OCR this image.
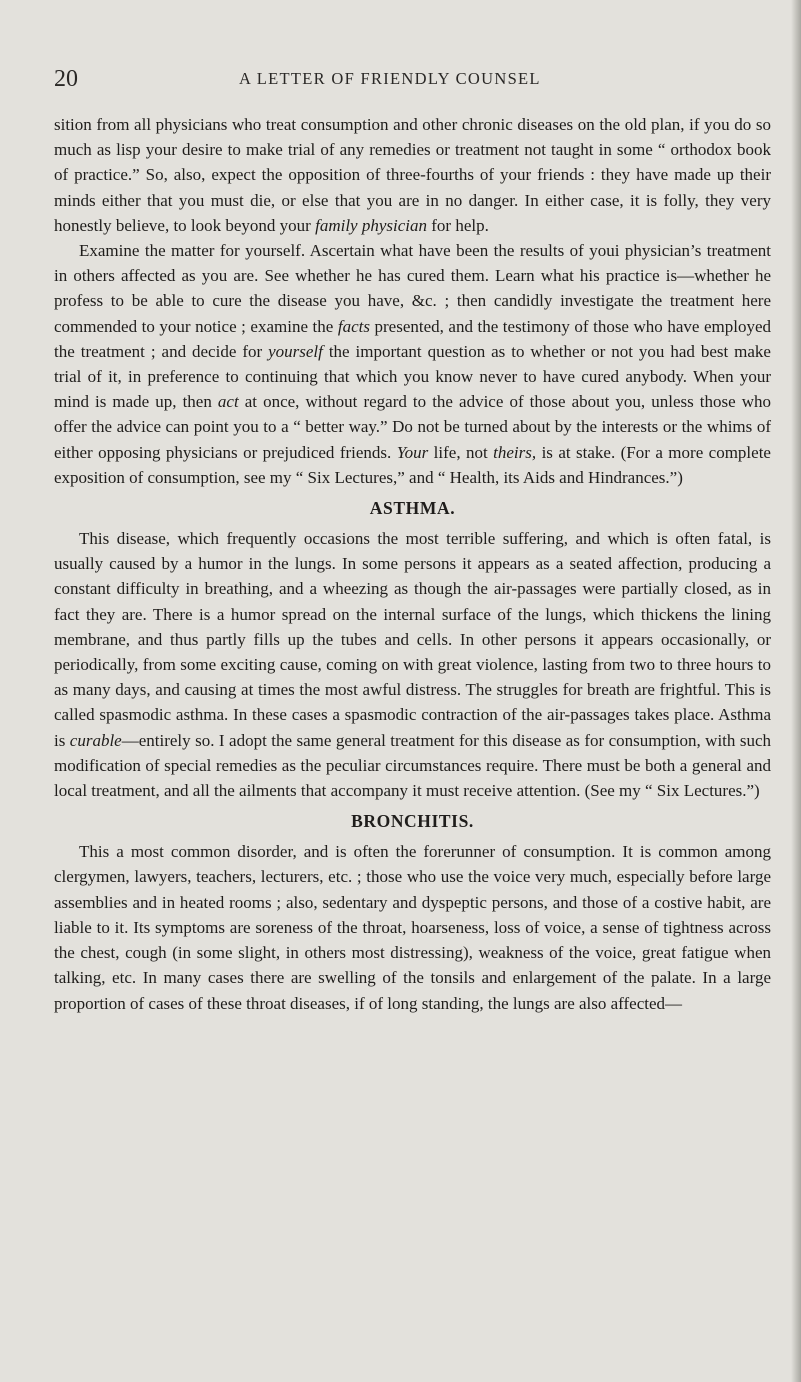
20	A LETTER OF FRIENDLY COUNSEL

sition from all physicians who treat consumption and other chronic diseases on the old plan, if you do so much as lisp your desire to make trial of any remedies or treatment not taught in some “ orthodox book of practice.” So, also, expect the opposition of three-fourths of your friends : they have made up their minds either that you must die, or else that you are in no danger. In either case, it is folly, they very honestly believe, to look beyond your family physician for help.

Examine the matter for yourself. Ascertain what have been the results of youi physician’s treatment in others affected as you are. See whether he has cured them. Learn what his practice is—whether he profess to be able to cure the disease you have, &c. ; then candidly investigate the treatment here commended to your notice ; examine the facts presented, and the testimony of those who have employed the treatment ; and decide for yourself the important question as to whether or not you had best make trial of it, in preference to continuing that which you know never to have cured anybody. When your mind is made up, then act at once, without regard to the advice of those about you, unless those who offer the advice can point you to a “ better way.” Do not be turned about by the interests or the whims of either opposing physicians or prejudiced friends. Your life, not theirs, is at stake. (For a more complete exposition of consumption, see my “ Six Lectures,” and “ Health, its Aids and Hindrances.”)

ASTHMA.

This disease, which frequently occasions the most terrible suffering, and which is often fatal, is usually caused by a humor in the lungs. In some persons it appears as a seated affection, producing a constant difficulty in breathing, and a wheezing as though the air-passages were partially closed, as in fact they are. There is a humor spread on the internal surface of the lungs, which thickens the lining membrane, and thus partly fills up the tubes and cells. In other persons it appears occasionally, or periodically, from some exciting cause, coming on with great violence, lasting from two to three hours to as many days, and causing at times the most awful distress. The struggles for breath are frightful. This is called spasmodic asthma. In these cases a spasmodic contraction of the air-passages takes place. Asthma is curable—entirely so. I adopt the same general treatment for this disease as for consumption, with such modification of special remedies as the peculiar circumstances require. There must be both a general and local treatment, and all the ailments that accompany it must receive attention. (See my “ Six Lectures.”)

BRONCHITIS.

This a most common disorder, and is often the forerunner of consumption. It is common among clergymen, lawyers, teachers, lecturers, etc. ; those who use the voice very much, especially before large assemblies and in heated rooms ; also, sedentary and dyspeptic persons, and those of a costive habit, are liable to it. Its symptoms are soreness of the throat, hoarseness, loss of voice, a sense of tightness across the chest, cough (in some slight, in others most distressing), weakness of the voice, great fatigue when talking, etc. In many cases there are swelling of the tonsils and enlargement of the palate. In a large proportion of cases of these throat diseases, if of long standing, the lungs are also affected—
